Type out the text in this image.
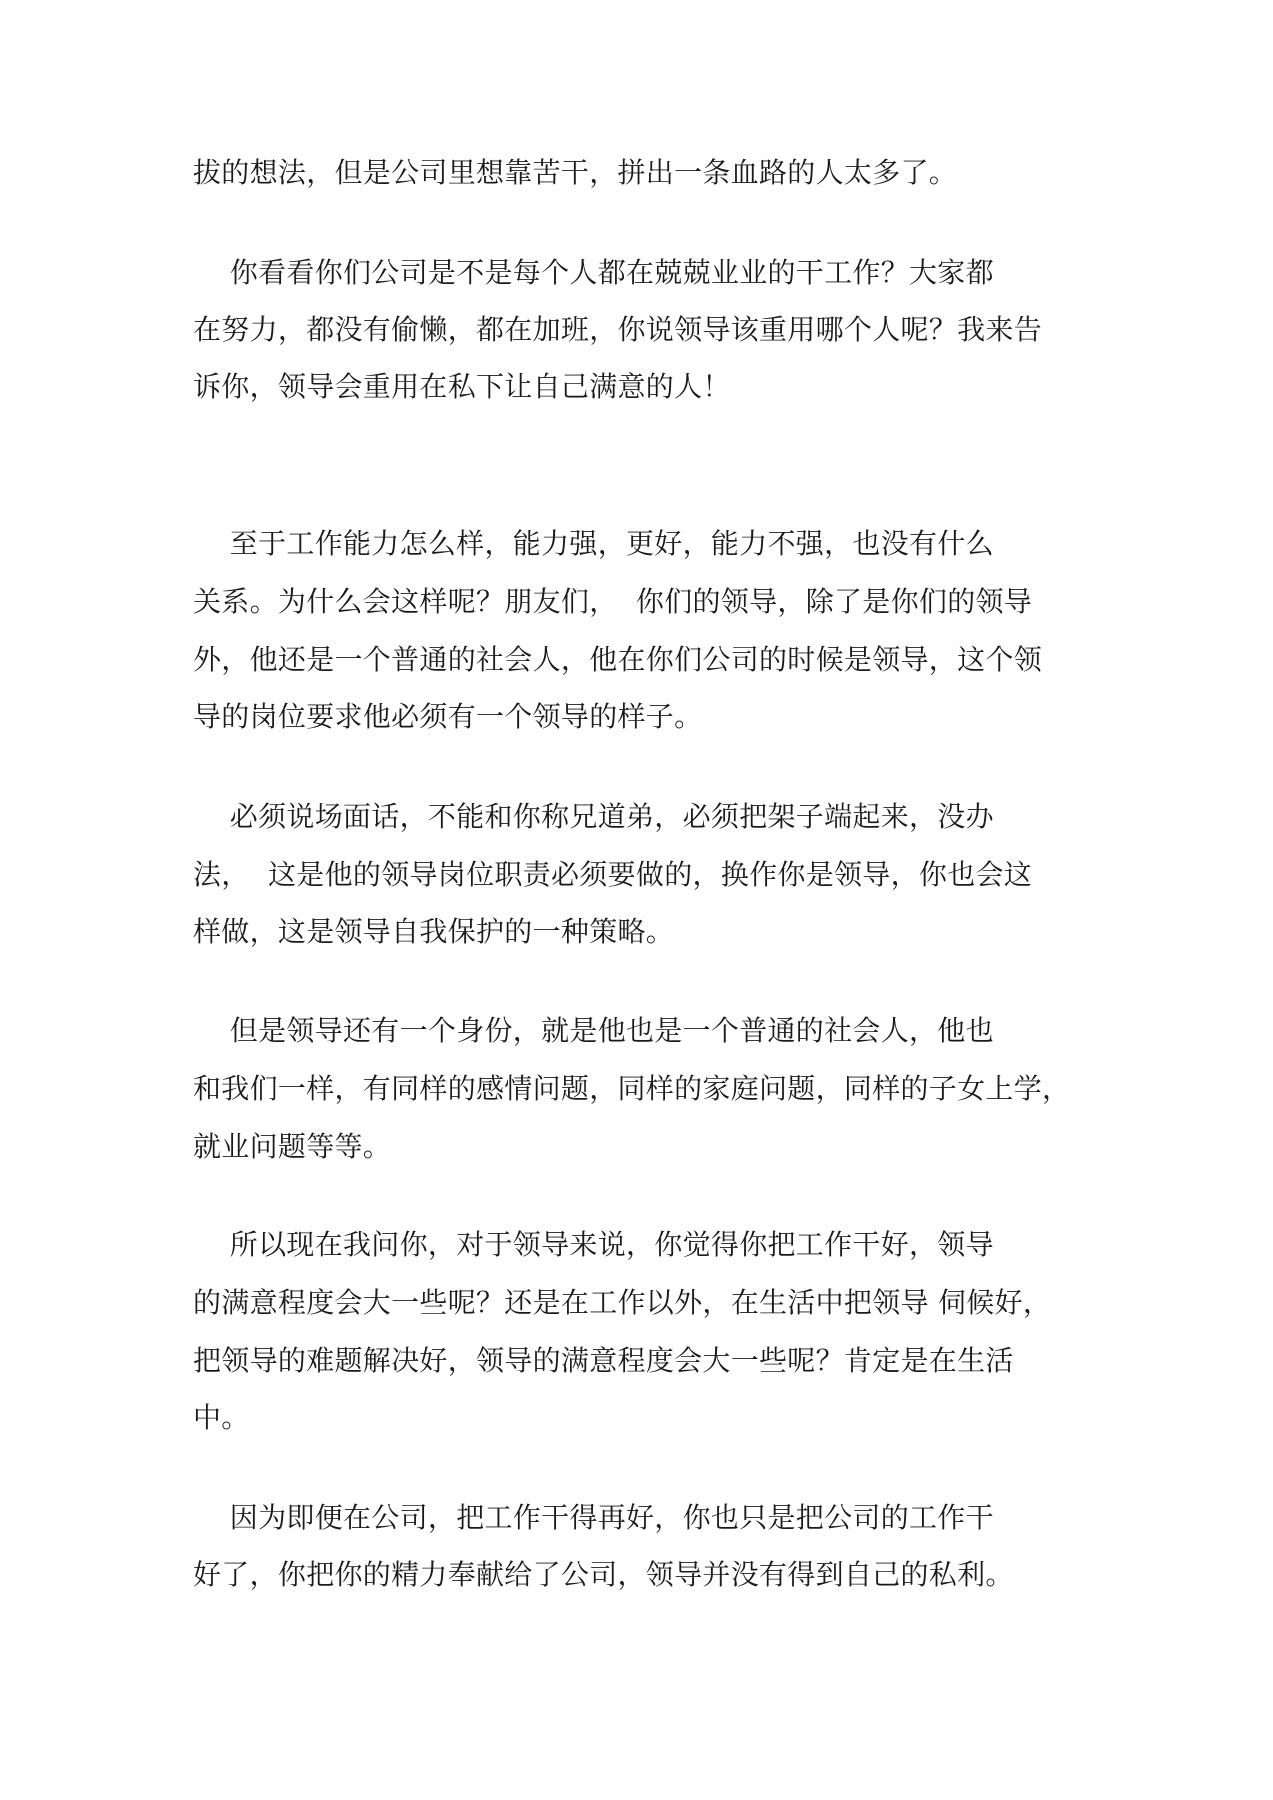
拔的想法，但是公司里想靠苦干，拼出一条血路的人太多了。

你看看你们公司是不是每个人都在兢兢业业的干工作？大家都

在努力，都没有偷懒，都在加班，你说领导该重用哪个人呢？我来告

诉你，领导会重用在私下让自己满意的人！

至于工作能力怎么样，能力强，更好，能力不强，也没有什么

关系。为什么会这样呢？朋友们，  你们的领导，除了是你们的领导

外，他还是一个普通的社会人，他在你们公司的时候是领导，这个领

导的岗位要求他必须有一个领导的样子。

必须说场面话，不能和你称兄道弟，必须把架子端起来，没办

法，  这是他的领导岗位职责必须要做的，换作你是领导，你也会这

样做，这是领导自我保护的一种策略。

但是领导还有一个身份，就是他也是一个普通的社会人，他也

和我们一样，有同样的感情问题，同样的家庭问题，同样的子女上学，

就业问题等等。

所以现在我问你，对于领导来说，你觉得你把工作干好，领导

的满意程度会大一些呢？还是在工作以外，在生活中把领导 伺候好，

把领导的难题解决好，领导的满意程度会大一些呢？肯定是在生活

中。

因为即便在公司，把工作干得再好，你也只是把公司的工作干

好了，你把你的精力奉献给了公司，领导并没有得到自己的私利。
